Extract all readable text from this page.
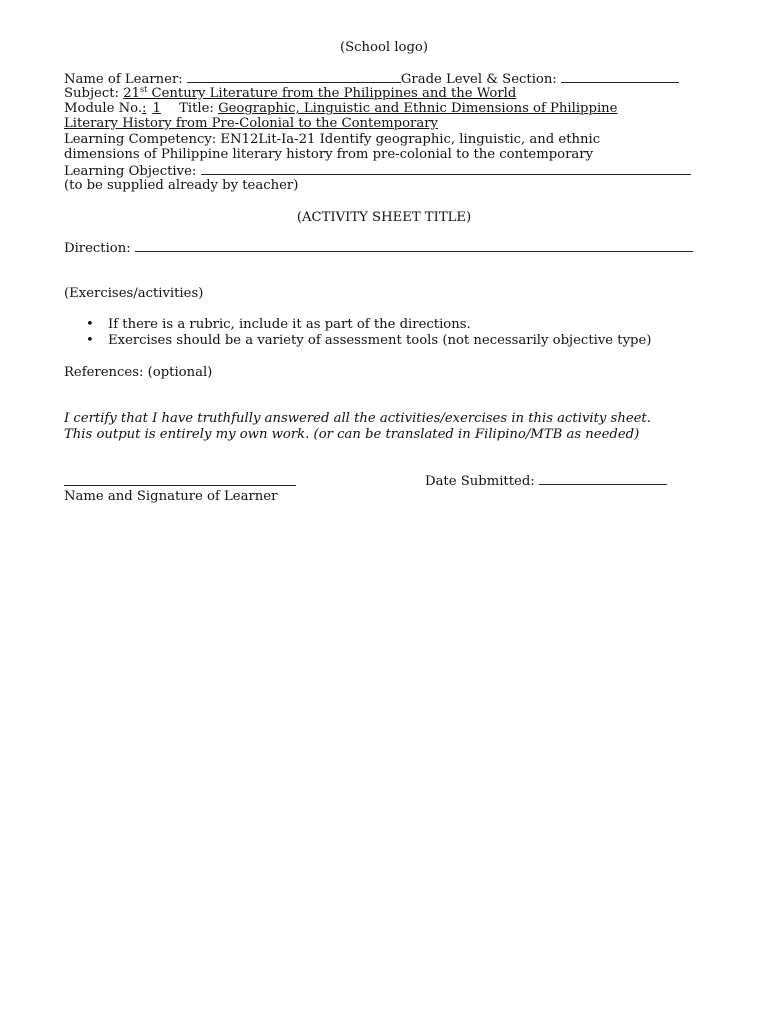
(School logo)
Name of Learner:	Grade Level & Section:
Subject: 21st Century Literature from the Philippines and the World
Module No.: 1 Title: Geographic, Linguistic and Ethnic Dimensions of Philippine
Literary History from Pre-Colonial to the Contemporary
Learning Competency: EN12Lit-Ia-21 Identify geographic, linguistic, and ethnic
dimensions of Philippine literary history from pre-colonial to the contemporary
Learning Objective:
(to be supplied already by teacher)
(ACTIVITY SHEET TITLE)
Direction:
(Exercises/activities)
• If there is a rubric, include it as part of the directions.
• Exercises should be a variety of assessment tools (not necessarily objective type)
References: (optional)
I certify that I have truthfully answered all the activities/exercises in this activity sheet.
This output is entirely my own work. (or can be translated in Filipino/MTB as needed)
Name and Signature of Learner
Date Submitted:
